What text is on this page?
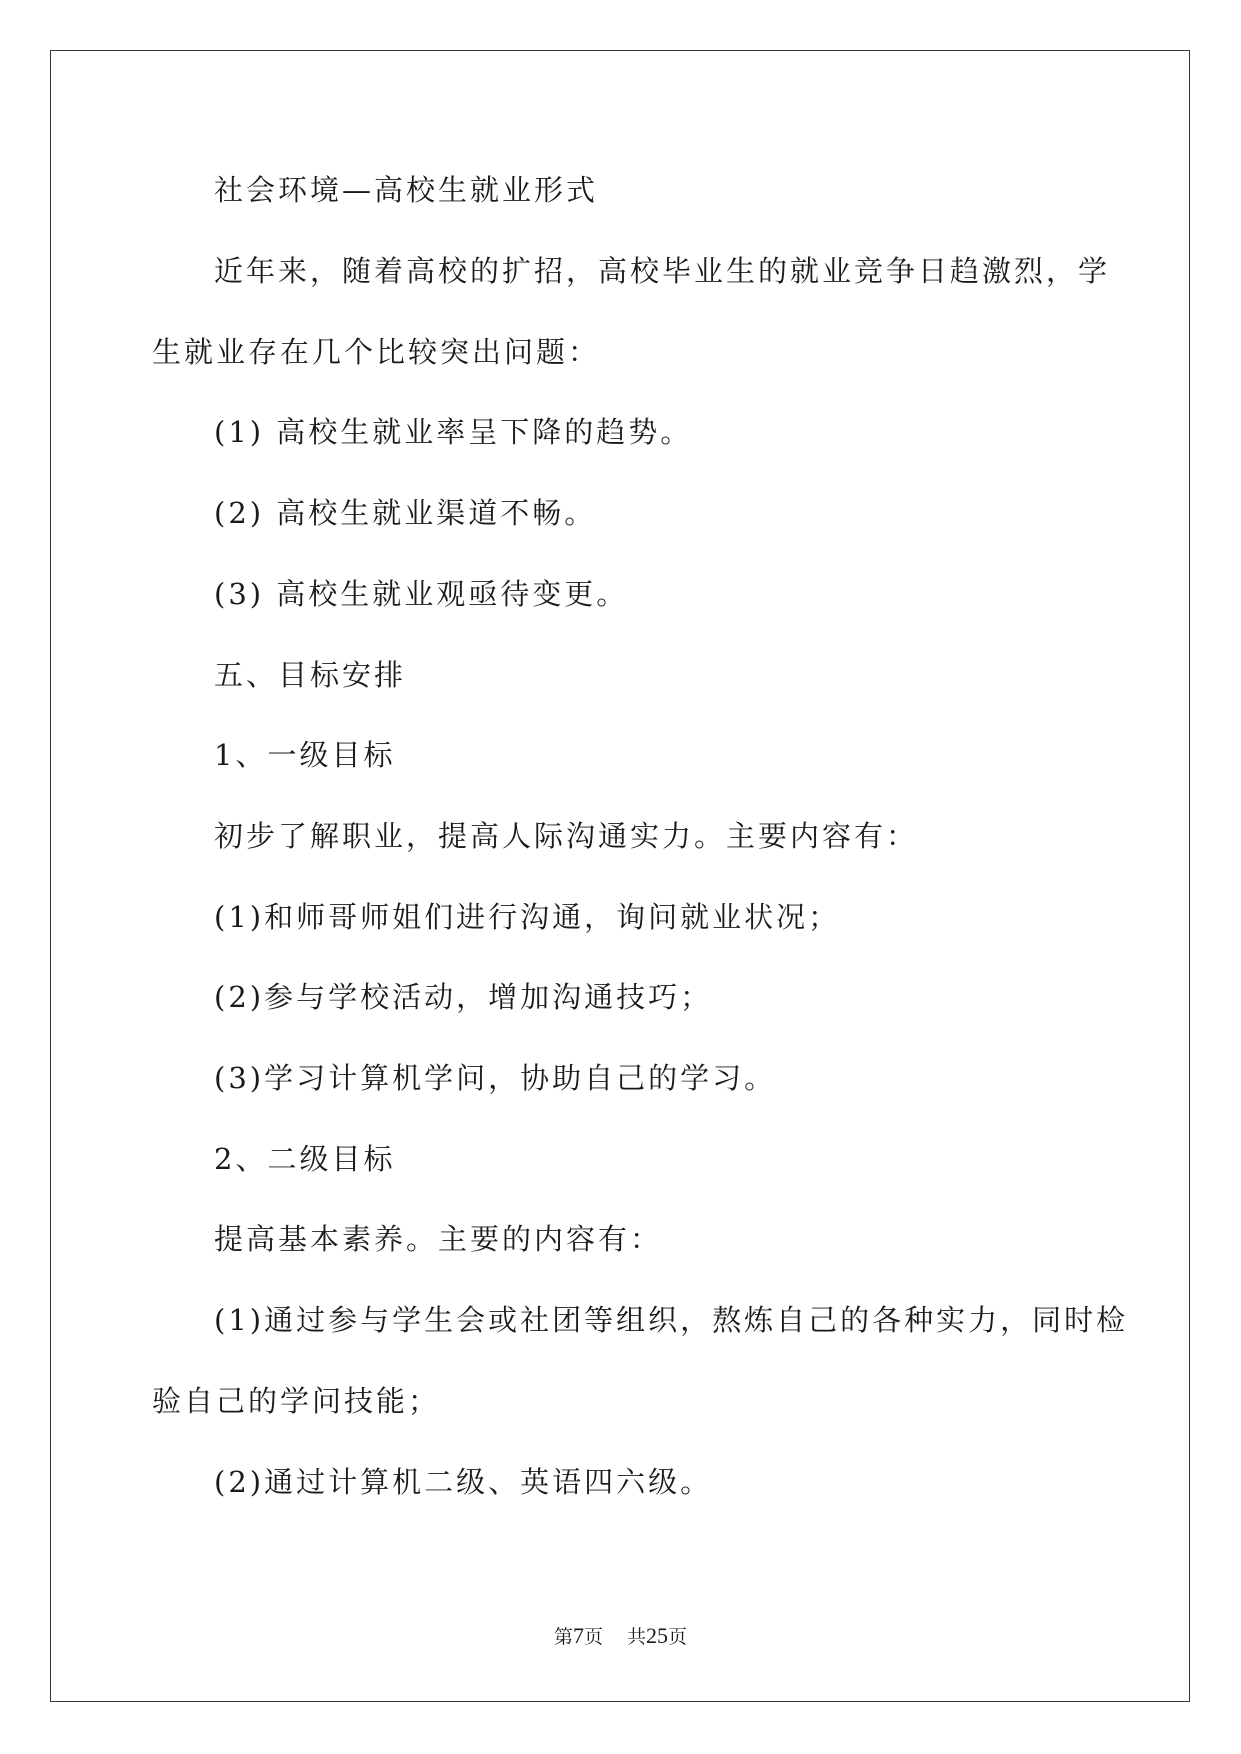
社会环境—高校生就业形式
近年来，随着高校的扩招，高校毕业生的就业竞争日趋激烈，学
生就业存在几个比较突出问题：
(1) 高校生就业率呈下降的趋势。
(2) 高校生就业渠道不畅。
(3) 高校生就业观亟待变更。
五、目标安排
1、一级目标
初步了解职业，提高人际沟通实力。主要内容有：
(1)和师哥师姐们进行沟通，询问就业状况；
(2)参与学校活动，增加沟通技巧；
(3)学习计算机学问，协助自己的学习。
2、二级目标
提高基本素养。主要的内容有：
(1)通过参与学生会或社团等组织，熬炼自己的各种实力，同时检
验自己的学问技能；
(2)通过计算机二级、英语四六级。
第7页 共25页
